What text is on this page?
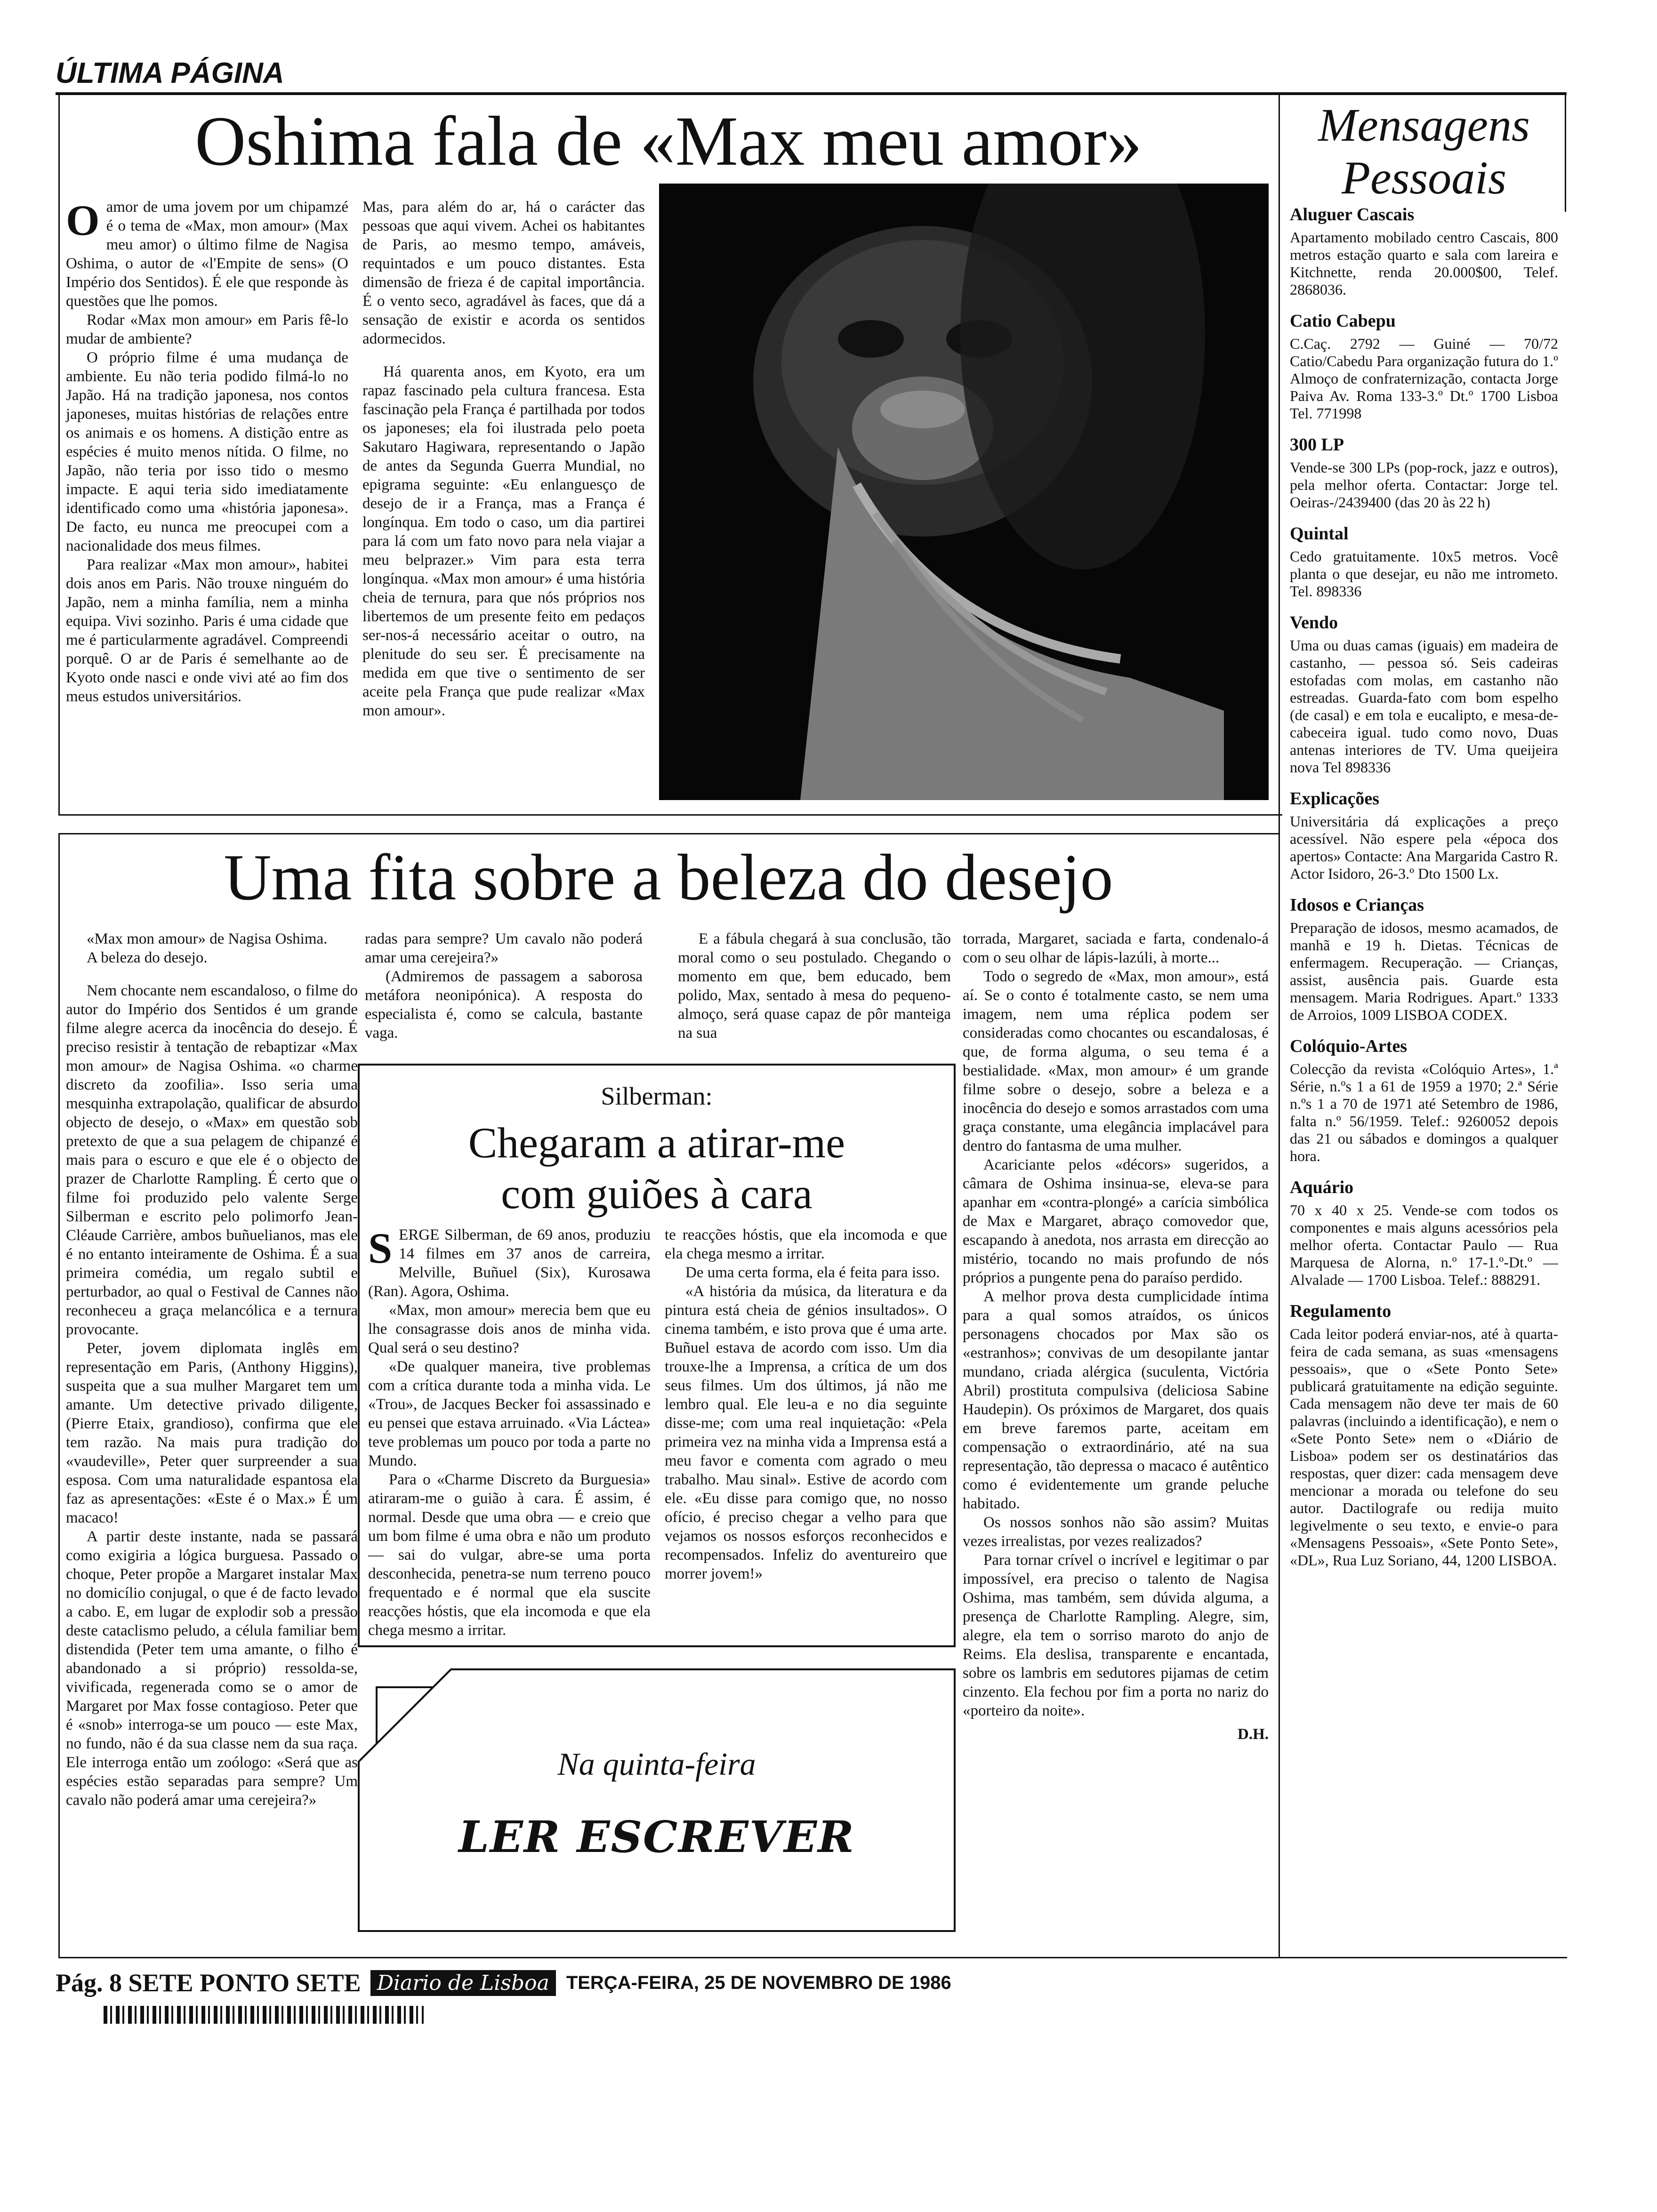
ÚLTIMA PÁGINA
Oshima fala de «Max meu amor»
O amor de uma jovem por um chipamzé é o tema de «Max, mon amour» (Max meu amor) o último filme de Nagisa Oshima, o autor de «l'Empite de sens» (O Império dos Sentidos). É ele que responde às questões que lhe pomos.

Rodar «Max mon amour» em Paris fê-lo mudar de ambiente?

O próprio filme é uma mudança de ambiente. Eu não teria podido filmá-lo no Japão. Há na tradição japonesa, nos contos japoneses, muitas histórias de relações entre os animais e os homens. A distição entre as espécies é muito menos nítida. O filme, no Japão, não teria por isso tido o mesmo impacte. E aqui teria sido imediatamente identificado como uma «história japonesa». De facto, eu nunca me preocupei com a nacionalidade dos meus filmes.

Para realizar «Max mon amour», habitei dois anos em Paris. Não trouxe ninguém do Japão, nem a minha família, nem a minha equipa. Vivi sozinho. Paris é uma cidade que me é particularmente agradável. Compreendi porquê. O ar de Paris é semelhante ao de Kyoto onde nasci e onde vivi até ao fim dos meus estudos universitários.

Mas, para além do ar, há o carácter das pessoas que aqui vivem. Achei os habitantes de Paris, ao mesmo tempo, amáveis, requintados e um pouco distantes. Esta dimensão de frieza é de capital importância. É o vento seco, agradável às faces, que dá a sensação de existir e acorda os sentidos adormecidos.

Há quarenta anos, em Kyoto, era um rapaz fascinado pela cultura francesa. Esta fascinação pela França é partilhada por todos os japoneses; ela foi ilustrada pelo poeta Sakutaro Hagiwara, representando o Japão de antes da Segunda Guerra Mundial, no epigrama seguinte: «Eu enlanguesço de desejo de ir a França, mas a França é longínqua. Em todo o caso, um dia partirei para lá com um fato novo para nela viajar a meu belprazer.» Vim para esta terra longínqua. «Max mon amour» é uma história cheia de ternura, para que nós próprios nos libertemos de um presente feito em pedaços ser-nos-á necessário aceitar o outro, na plenitude do seu ser. É precisamente na medida em que tive o sentimento de ser aceite pela França que pude realizar «Max mon amour».

Mensagens
Pessoais
Aluguer Cascais

Apartamento mobilado centro Cascais, 800 metros estação quarto e sala com lareira e Kitchnette, renda 20.000$00, Telef. 2868036.

Catio Cabepu

C.Caç. 2792 — Guiné — 70/72 Catio/Cabedu Para organização futura do 1.º Almoço de confraternização, contacta Jorge Paiva Av. Roma 133-3.º Dt.º 1700 Lisboa Tel. 771998

300 LP

Vende-se 300 LPs (pop-rock, jazz e outros), pela melhor oferta. Contactar: Jorge tel. Oeiras-/2439400 (das 20 às 22 h)

Quintal

Cedo gratuitamente. 10x5 metros. Você planta o que desejar, eu não me intrometo. Tel. 898336

Vendo

Uma ou duas camas (iguais) em madeira de castanho, — pessoa só. Seis cadeiras estofadas com molas, em castanho não estreadas. Guarda-fato com bom espelho (de casal) e em tola e eucalipto, e mesa-de-cabeceira igual. tudo como novo, Duas antenas interiores de TV. Uma queijeira nova Tel 898336

Explicações

Universitária dá explicações a preço acessível. Não espere pela «época dos apertos» Contacte: Ana Margarida Castro R. Actor Isidoro, 26-3.º Dto 1500 Lx.

Idosos e Crianças

Preparação de idosos, mesmo acamados, de manhã e 19 h. Dietas. Técnicas de enfermagem. Recuperação. — Crianças, assist, ausência pais. Guarde esta mensagem. Maria Rodrigues. Apart.º 1333 de Arroios, 1009 LISBOA CODEX.

Colóquio-Artes

Colecção da revista «Colóquio Artes», 1.ª Série, n.ºs 1 a 61 de 1959 a 1970; 2.ª Série n.ºs 1 a 70 de 1971 até Setembro de 1986, falta n.º 56/1959. Telef.: 9260052 depois das 21 ou sábados e domingos a qualquer hora.

Aquário

70 x 40 x 25. Vende-se com todos os componentes e mais alguns acessórios pela melhor oferta. Contactar Paulo — Rua Marquesa de Alorna, n.º 17-1.º-Dt.º — Alvalade — 1700 Lisboa. Telef.: 888291.

Regulamento

Cada leitor poderá enviar-nos, até à quarta-feira de cada semana, as suas «mensagens pessoais», que o «Sete Ponto Sete» publicará gratuitamente na edição seguinte. Cada mensagem não deve ter mais de 60 palavras (incluindo a identificação), e nem o «Sete Ponto Sete» nem o «Diário de Lisboa» podem ser os destinatários das respostas, quer dizer: cada mensagem deve mencionar a morada ou telefone do seu autor. Dactilografe ou redija muito legivelmente o seu texto, e envie-o para «Mensagens Pessoais», «Sete Ponto Sete», «DL», Rua Luz Soriano, 44, 1200 LISBOA.

Uma fita sobre a beleza do desejo

«Max mon amour» de Nagisa Oshima.

A beleza do desejo.

Nem chocante nem escandaloso, o filme do autor do Império dos Sentidos é um grande filme alegre acerca da inocência do desejo. É preciso resistir à tentação de rebaptizar «Max mon amour» de Nagisa Oshima. «o charme discreto da zoofilia». Isso seria uma mesquinha extrapolação, qualificar de absurdo objecto de desejo, o «Max» em questão sob pretexto de que a sua pelagem de chipanzé é mais para o escuro e que ele é o objecto de prazer de Charlotte Rampling. É certo que o filme foi produzido pelo valente Serge Silberman e escrito pelo polimorfo Jean-Cléaude Carrière, ambos buñuelianos, mas ele é no entanto inteiramente de Oshima. É a sua primeira comédia, um regalo subtil e perturbador, ao qual o Festival de Cannes não reconheceu a graça melancólica e a ternura provocante.

Peter, jovem diplomata inglês em representação em Paris, (Anthony Higgins), suspeita que a sua mulher Margaret tem um amante. Um detective privado diligente, (Pierre Etaix, grandioso), confirma que ele tem razão. Na mais pura tradição do «vaudeville», Peter quer surpreender a sua esposa. Com uma naturalidade espantosa ela faz as apresentações: «Este é o Max.» É um macaco!

A partir deste instante, nada se passará como exigiria a lógica burguesa. Passado o choque, Peter propõe a Margaret instalar Max no domicílio conjugal, o que é de facto levado a cabo. E, em lugar de explodir sob a pressão deste cataclismo peludo, a célula familiar bem distendida (Peter tem uma amante, o filho é abandonado a si próprio) ressolda-se, vivificada, regenerada como se o amor de Margaret por Max fosse contagioso. Peter que é «snob» interroga-se um pouco — este Max, no fundo, não é da sua classe nem da sua raça. Ele interroga então um zoólogo: «Será que as espécies estão separadas para sempre? Um cavalo não poderá amar uma cerejeira?»

radas para sempre? Um cavalo não poderá amar uma cerejeira?»

(Admiremos de passagem a saborosa metáfora neonipónica). A resposta do especialista é, como se calcula, bastante vaga.

E a fábula chegará à sua conclusão, tão moral como o seu postulado. Chegando o momento em que, bem educado, bem polido, Max, sentado à mesa do pequeno-almoço, será quase capaz de pôr manteiga na sua

torrada, Margaret, saciada e farta, condenalo-á com o seu olhar de lápis-lazúli, à morte...

Todo o segredo de «Max, mon amour», está aí. Se o conto é totalmente casto, se nem uma imagem, nem uma réplica podem ser consideradas como chocantes ou escandalosas, é que, de forma alguma, o seu tema é a bestialidade. «Max, mon amour» é um grande filme sobre o desejo, sobre a beleza e a inocência do desejo e somos arrastados com uma graça constante, uma elegância implacável para dentro do fantasma de uma mulher.

Acariciante pelos «décors» sugeridos, a câmara de Oshima insinua-se, eleva-se para apanhar em «contra-plongé» a carícia simbólica de Max e Margaret, abraço comovedor que, escapando à anedota, nos arrasta em direcção ao mistério, tocando no mais profundo de nós próprios a pungente pena do paraíso perdido.

A melhor prova desta cumplicidade íntima para a qual somos atraídos, os únicos personagens chocados por Max são os «estranhos»; convivas de um desopilante jantar mundano, criada alérgica (suculenta, Victória Abril) prostituta compulsiva (deliciosa Sabine Haudepin). Os próximos de Margaret, dos quais em breve faremos parte, aceitam em compensação o extraordinário, até na sua representação, tão depressa o macaco é autêntico como é evidentemente um grande peluche habitado.

Os nossos sonhos não são assim? Muitas vezes irrealistas, por vezes realizados?

Para tornar crível o incrível e legitimar o par impossível, era preciso o talento de Nagisa Oshima, mas também, sem dúvida alguma, a presença de Charlotte Rampling. Alegre, sim, alegre, ela tem o sorriso maroto do anjo de Reims. Ela deslisa, transparente e encantada, sobre os lambris em sedutores pijamas de cetim cinzento. Ela fechou por fim a porta no nariz do «porteiro da noite».

D.H.
Silberman:
Chegaram a atirar-me
com guiões à cara
S ERGE Silberman, de 69 anos, produziu 14 filmes em 37 anos de carreira, Melville, Buñuel (Six), Kurosawa (Ran). Agora, Oshima.

«Max, mon amour» merecia bem que eu lhe consagrasse dois anos de minha vida. Qual será o seu destino?

«De qualquer maneira, tive problemas com a crítica durante toda a minha vida. Le «Trou», de Jacques Becker foi assassinado e eu pensei que estava arruinado. «Via Láctea» teve problemas um pouco por toda a parte no Mundo.

Para o «Charme Discreto da Burguesia» atiraram-me o guião à cara. É assim, é normal. Desde que uma obra — e creio que um bom filme é uma obra e não um produto — sai do vulgar, abre-se uma porta desconhecida, penetra-se num terreno pouco frequentado e é normal que ela suscite reacções hóstis, que ela incomoda e que ela chega mesmo a irritar.

te reacções hóstis, que ela incomoda e que ela chega mesmo a irritar.

De uma certa forma, ela é feita para isso.

«A história da música, da literatura e da pintura está cheia de génios insultados». O cinema também, e isto prova que é uma arte. Buñuel estava de acordo com isso. Um dia trouxe-lhe a Imprensa, a crítica de um dos seus filmes. Um dos últimos, já não me lembro qual. Ele leu-a e no dia seguinte disse-me; com uma real inquietação: «Pela primeira vez na minha vida a Imprensa está a meu favor e comenta com agrado o meu trabalho. Mau sinal». Estive de acordo com ele. «Eu disse para comigo que, no nosso ofício, é preciso chegar a velho para que vejamos os nossos esforços reconhecidos e recompensados. Infeliz do aventureiro que morrer jovem!»

Na quinta-feira
LER ESCREVER
Pág. 8 SETE PONTO SETE Diario de Lisboa TERÇA-FEIRA, 25 DE NOVEMBRO DE 1986
